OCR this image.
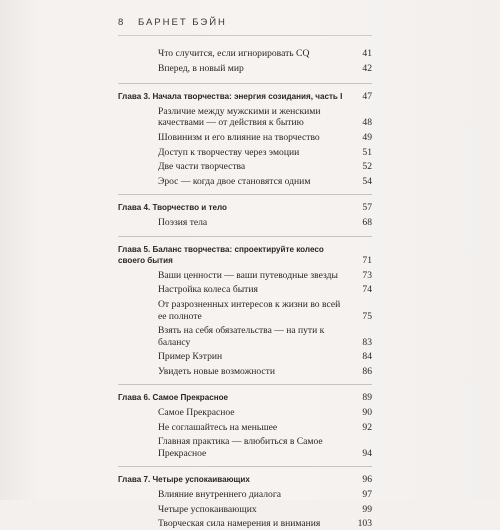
8 БАРНЕТ БЭЙН
Что случится, если игнорировать CQ	41
Вперед, в новый мир	42
Глава 3. Начала творчества: энергия созидания, часть I	47
Различие между мужскими и женскими качествами — от действия к бытию	48
Шовинизм и его влияние на творчество	49
Доступ к творчеству через эмоции	51
Две части творчества	52
Эрос — когда двое становятся одним	54
Глава 4. Творчество и тело	57
Поэзия тела	68
Глава 5. Баланс творчества: спроектируйте колесо своего бытия	71
Ваши ценности — ваши путеводные звезды	73
Настройка колеса бытия	74
От разрозненных интересов к жизни во всей ее полноте	75
Взять на себя обязательства — на пути к балансу	83
Пример Кэтрин	84
Увидеть новые возможности	86
Глава 6. Самое Прекрасное	89
Самое Прекрасное	90
Не соглашайтесь на меньшее	92
Главная практика — влюбиться в Самое Прекрасное	94
Глава 7. Четыре успокаивающих	96
Влияние внутреннего диалога	97
Четыре успокаивающих	99
Творческая сила намерения и внимания	103
